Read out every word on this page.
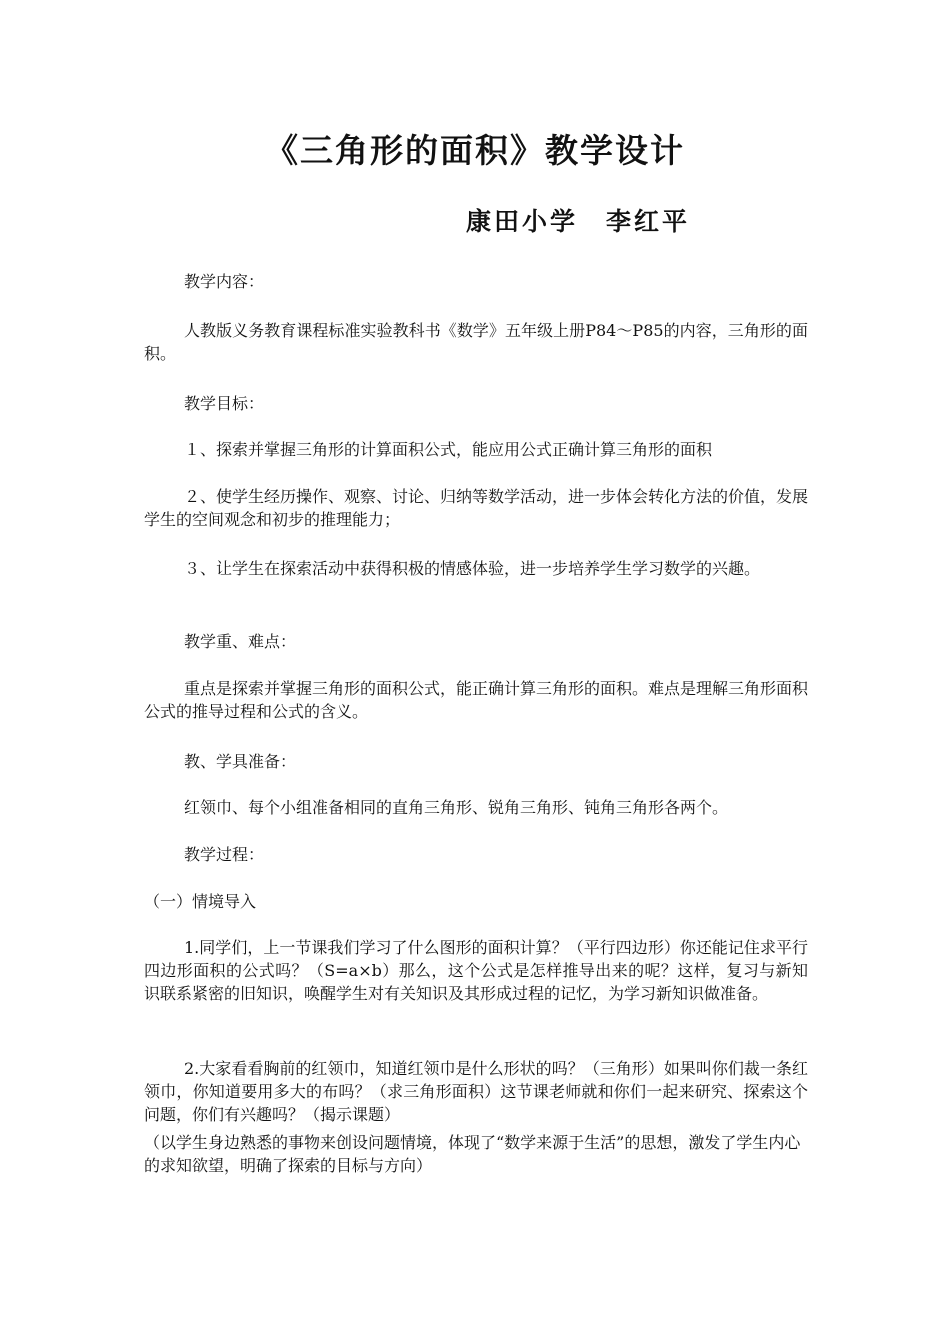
《三角形的面积》教学设计
康田小学　李红平

教学内容：

人教版义务教育课程标准实验教科书《数学》五年级上册P84～P85的内容，三角形的面积。

教学目标：

１、探索并掌握三角形的计算面积公式，能应用公式正确计算三角形的面积

２、使学生经历操作、观察、讨论、归纳等数学活动，进一步体会转化方法的价值，发展学生的空间观念和初步的推理能力；

３、让学生在探索活动中获得积极的情感体验，进一步培养学生学习数学的兴趣。

教学重、难点：

重点是探索并掌握三角形的面积公式，能正确计算三角形的面积。难点是理解三角形面积公式的推导过程和公式的含义。

教、学具准备：

红领巾、每个小组准备相同的直角三角形、锐角三角形、钝角三角形各两个。

教学过程：

（一）情境导入

1.同学们，上一节课我们学习了什么图形的面积计算？（平行四边形）你还能记住求平行四边形面积的公式吗？（S=a×b）那么，这个公式是怎样推导出来的呢？这样，复习与新知识联系紧密的旧知识，唤醒学生对有关知识及其形成过程的记忆，为学习新知识做准备。

2.大家看看胸前的红领巾，知道红领巾是什么形状的吗？（三角形）如果叫你们裁一条红领巾，你知道要用多大的布吗？（求三角形面积）这节课老师就和你们一起来研究、探索这个问题，你们有兴趣吗？（揭示课题）

（以学生身边熟悉的事物来创设问题情境，体现了“数学来源于生活”的思想，激发了学生内心的求知欲望，明确了探索的目标与方向）
